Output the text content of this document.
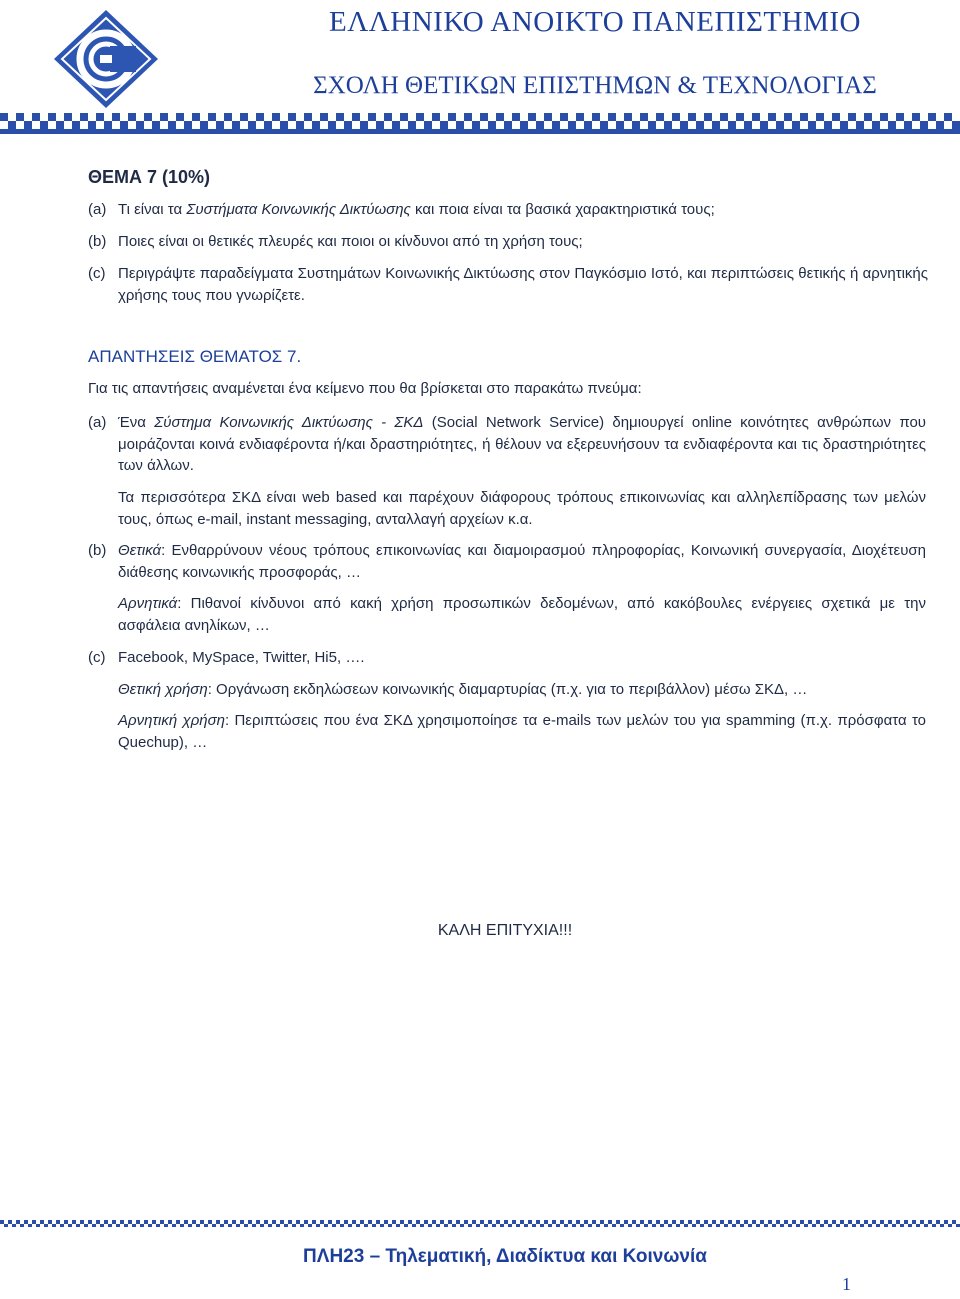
ΕΛΛΗΝΙΚΟ ΑΝΟΙΚΤΟ ΠΑΝΕΠΙΣΤΗΜΙΟ
ΣΧΟΛΗ ΘΕΤΙΚΩΝ ΕΠΙΣΤΗΜΩΝ & ΤΕΧΝΟΛΟΓΙΑΣ
ΘΕΜΑ 7 (10%)
(a) Τι είναι τα Συστήματα Κοινωνικής Δικτύωσης και ποια είναι τα βασικά χαρακτηριστικά τους;
(b) Ποιες είναι οι θετικές πλευρές και ποιοι οι κίνδυνοι από τη χρήση τους;
(c) Περιγράψτε παραδείγματα Συστημάτων Κοινωνικής Δικτύωσης στον Παγκόσμιο Ιστό, και περιπτώσεις θετικής ή αρνητικής χρήσης τους που γνωρίζετε.
ΑΠΑΝΤΗΣΕΙΣ ΘΕΜΑΤΟΣ 7.
Για τις απαντήσεις αναμένεται ένα κείμενο που θα βρίσκεται στο παρακάτω πνεύμα:
(a) Ένα Σύστημα Κοινωνικής Δικτύωσης - ΣΚΔ (Social Network Service) δημιουργεί online κοινότητες ανθρώπων που μοιράζονται κοινά ενδιαφέροντα ή/και δραστηριότητες, ή θέλουν να εξερευνήσουν τα ενδιαφέροντα και τις δραστηριότητες των άλλων.
Τα περισσότερα ΣΚΔ είναι web based και παρέχουν διάφορους τρόπους επικοινωνίας και αλληλεπίδρασης των μελών τους, όπως e-mail, instant messaging, ανταλλαγή αρχείων κ.α.
(b) Θετικά: Ενθαρρύνουν νέους τρόπους επικοινωνίας και διαμοιρασμού πληροφορίας, Κοινωνική συνεργασία, Διοχέτευση διάθεσης κοινωνικής προσφοράς, …
Αρνητικά: Πιθανοί κίνδυνοι από κακή χρήση προσωπικών δεδομένων, από κακόβουλες ενέργειες σχετικά με την ασφάλεια ανηλίκων, …
(c) Facebook, MySpace, Twitter, Hi5, ….
Θετική χρήση: Οργάνωση εκδηλώσεων κοινωνικής διαμαρτυρίας (π.χ. για το περιβάλλον) μέσω ΣΚΔ, …
Αρνητική χρήση: Περιπτώσεις που ένα ΣΚΔ χρησιμοποίησε τα e-mails των μελών του για spamming (π.χ. πρόσφατα το Quechup), …
ΚΑΛΗ ΕΠΙΤΥΧΙΑ!!!
ΠΛΗ23 – Τηλεματική, Διαδίκτυα και Κοινωνία
1
